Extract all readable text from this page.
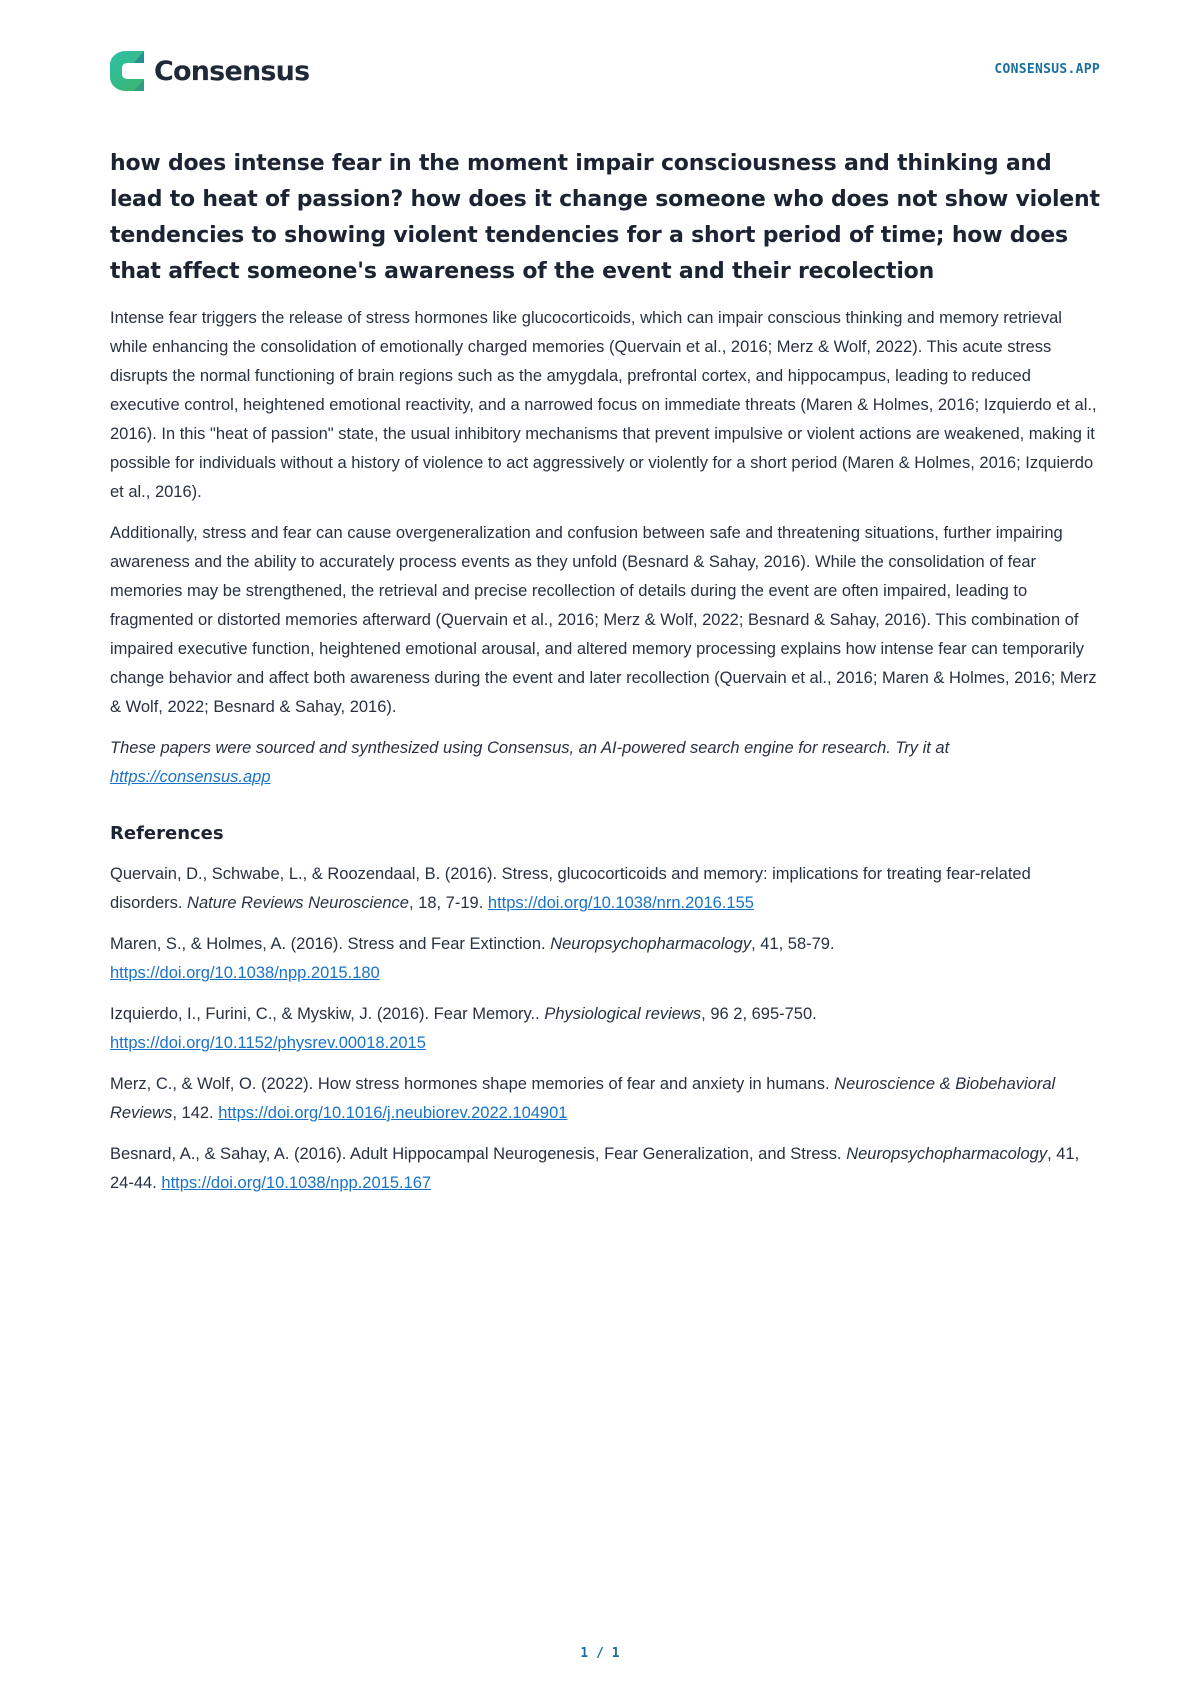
Consensus	CONSENSUS.APP
how does intense fear in the moment impair consciousness and thinking and lead to heat of passion? how does it change someone who does not show violent tendencies to showing violent tendencies for a short period of time; how does that affect someone's awareness of the event and their recolection

Intense fear triggers the release of stress hormones like glucocorticoids, which can impair conscious thinking and memory retrieval while enhancing the consolidation of emotionally charged memories (Quervain et al., 2016; Merz & Wolf, 2022). This acute stress disrupts the normal functioning of brain regions such as the amygdala, prefrontal cortex, and hippocampus, leading to reduced executive control, heightened emotional reactivity, and a narrowed focus on immediate threats (Maren & Holmes, 2016; Izquierdo et al., 2016). In this "heat of passion" state, the usual inhibitory mechanisms that prevent impulsive or violent actions are weakened, making it possible for individuals without a history of violence to act aggressively or violently for a short period (Maren & Holmes, 2016; Izquierdo et al., 2016).

Additionally, stress and fear can cause overgeneralization and confusion between safe and threatening situations, further impairing awareness and the ability to accurately process events as they unfold (Besnard & Sahay, 2016). While the consolidation of fear memories may be strengthened, the retrieval and precise recollection of details during the event are often impaired, leading to fragmented or distorted memories afterward (Quervain et al., 2016; Merz & Wolf, 2022; Besnard & Sahay, 2016). This combination of impaired executive function, heightened emotional arousal, and altered memory processing explains how intense fear can temporarily change behavior and affect both awareness during the event and later recollection (Quervain et al., 2016; Maren & Holmes, 2016; Merz & Wolf, 2022; Besnard & Sahay, 2016).

These papers were sourced and synthesized using Consensus, an AI-powered search engine for research. Try it at
https://consensus.app

References
Quervain, D., Schwabe, L., & Roozendaal, B. (2016). Stress, glucocorticoids and memory: implications for treating fear-related disorders. Nature Reviews Neuroscience, 18, 7-19. https://doi.org/10.1038/nrn.2016.155
Maren, S., & Holmes, A. (2016). Stress and Fear Extinction. Neuropsychopharmacology, 41, 58-79. https://doi.org/10.1038/npp.2015.180
Izquierdo, I., Furini, C., & Myskiw, J. (2016). Fear Memory.. Physiological reviews, 96 2, 695-750. https://doi.org/10.1152/physrev.00018.2015
Merz, C., & Wolf, O. (2022). How stress hormones shape memories of fear and anxiety in humans. Neuroscience & Biobehavioral Reviews, 142. https://doi.org/10.1016/j.neubiorev.2022.104901
Besnard, A., & Sahay, A. (2016). Adult Hippocampal Neurogenesis, Fear Generalization, and Stress. Neuropsychopharmacology, 41, 24-44. https://doi.org/10.1038/npp.2015.167
1 / 1
